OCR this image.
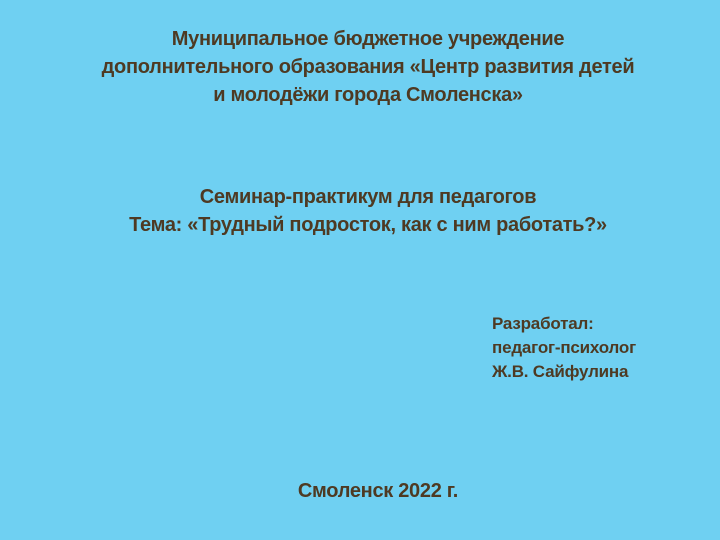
Муниципальное бюджетное учреждение
дополнительного образования «Центр развития детей
и молодёжи города Смоленска»
Семинар-практикум для педагогов
Тема: «Трудный подросток, как с ним работать?»
Разработал:
педагог-психолог
Ж.В. Сайфулина
Смоленск 2022 г.
